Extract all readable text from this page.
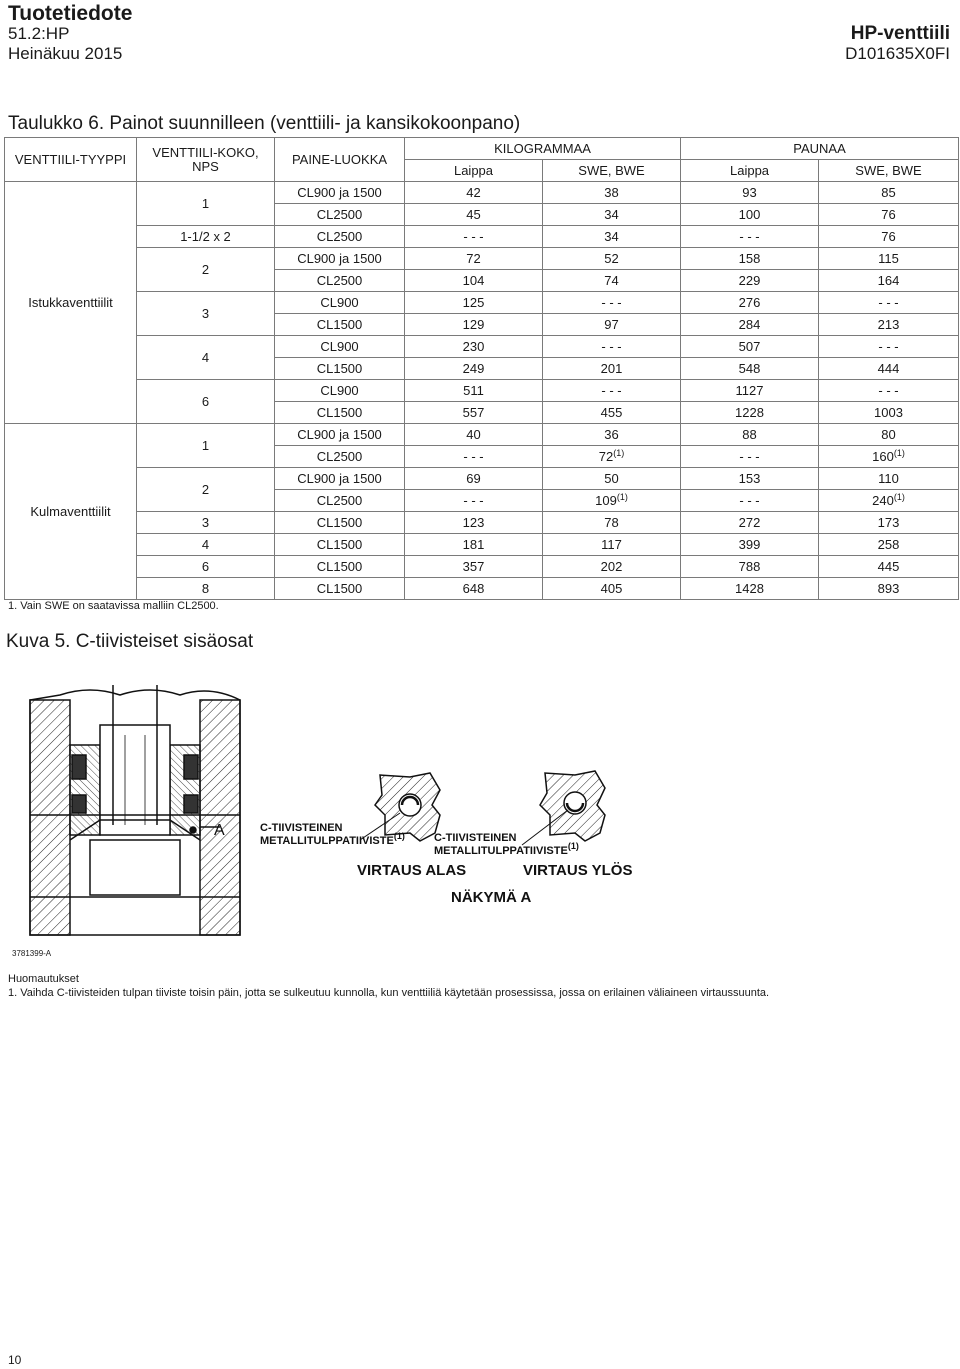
Tuotetiedote
51.2:HP
Heinäkuu 2015
HP-venttiili
D101635X0FI
Taulukko 6. Painot suunnilleen (venttiili- ja kansikokoonpano)
VENTTIILI-TYYPPI	VENTTIILI-KOKO, NPS	PAINE-LUOKKA	KILOGRAMMAA		PAUNAA	
			Laippa	SWE, BWE	Laippa	SWE, BWE
Istukkaventtiilit	1	CL900 ja 1500	42	38	93	85
		CL2500	45	34	100	76
	1-1/2 x 2	CL2500	- - -	34	- - -	76
	2	CL900 ja 1500	72	52	158	115
		CL2500	104	74	229	164
	3	CL900	125	- - -	276	- - -
		CL1500	129	97	284	213
	4	CL900	230	- - -	507	- - -
		CL1500	249	201	548	444
	6	CL900	511	- - -	1127	- - -
		CL1500	557	455	1228	1003
Kulmaventtiilit	1	CL900 ja 1500	40	36	88	80
		CL2500	- - -	72$^{(1)}$	- - -	160$^{(1)}$
	2	CL900 ja 1500	69	50	153	110
		CL2500	- - -	109$^{(1)}$	- - -	240$^{(1)}$
	3	CL1500	123	78	272	173
	4	CL1500	181	117	399	258
	6	CL1500	357	202	788	445
	8	CL1500	648	405	1428	893
1. Vain SWE on saatavissa malliin CL2500.
Kuva 5. C-tiivisteiset sisäosat
A	C-TIIVISTEINEN
METALLITULPPATIIVISTE$^{(1)}$	C-TIIVISTEINEN
METALLITULPPATIIVISTE$^{(1)}$
VIRTAUS ALAS	VIRTAUS YLÖS
NÄKYMÄ A
3781399-A
Huomautukset
1. Vaihda C-tiivisteiden tulpan tiiviste toisin päin, jotta se sulkeutuu kunnolla, kun venttiiliä käytetään prosessissa, jossa on erilainen väliaineen virtaussuunta.
10
